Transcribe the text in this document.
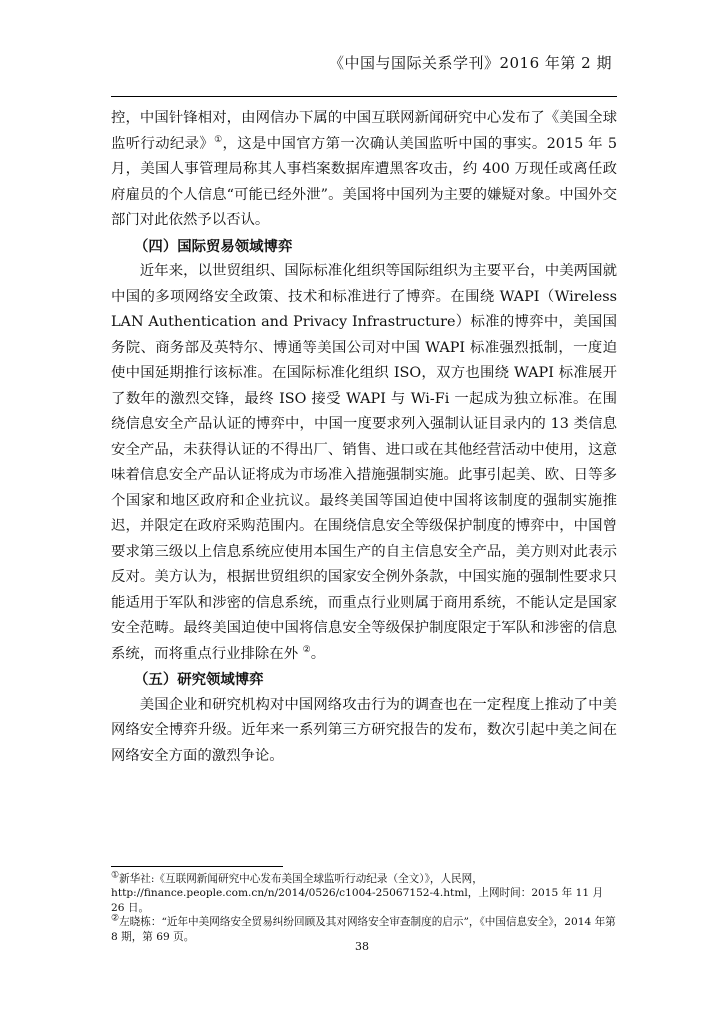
《中国与国际关系学刊》2016 年第 2 期

控，中国针锋相对，由网信办下属的中国互联网新闻研究中心发布了《美国全球监听行动纪录》①，这是中国官方第一次确认美国监听中国的事实。2015 年 5 月，美国人事管理局称其人事档案数据库遭黑客攻击，约 400 万现任或离任政府雇员的个人信息“可能已经外泄”。美国将中国列为主要的嫌疑对象。中国外交部门对此依然予以否认。

（四）国际贸易领域博弈

近年来，以世贸组织、国际标准化组织等国际组织为主要平台，中美两国就中国的多项网络安全政策、技术和标准进行了博弈。在围绕 WAPI（Wireless LAN Authentication and Privacy Infrastructure）标准的博弈中，美国国务院、商务部及英特尔、博通等美国公司对中国 WAPI 标准强烈抵制，一度迫使中国延期推行该标准。在国际标准化组织 ISO，双方也围绕 WAPI 标准展开了数年的激烈交锋，最终 ISO 接受 WAPI 与 Wi-Fi 一起成为独立标准。在围绕信息安全产品认证的博弈中，中国一度要求列入强制认证目录内的 13 类信息安全产品，未获得认证的不得出厂、销售、进口或在其他经营活动中使用，这意味着信息安全产品认证将成为市场准入措施强制实施。此事引起美、欧、日等多个国家和地区政府和企业抗议。最终美国等国迫使中国将该制度的强制实施推迟，并限定在政府采购范围内。在围绕信息安全等级保护制度的博弈中，中国曾要求第三级以上信息系统应使用本国生产的自主信息安全产品，美方则对此表示反对。美方认为，根据世贸组织的国家安全例外条款，中国实施的强制性要求只能适用于军队和涉密的信息系统，而重点行业则属于商用系统，不能认定是国家安全范畴。最终美国迫使中国将信息安全等级保护制度限定于军队和涉密的信息系统，而将重点行业排除在外 ②。

（五）研究领域博弈

美国企业和研究机构对中国网络攻击行为的调查也在一定程度上推动了中美网络安全博弈升级。近年来一系列第三方研究报告的发布，数次引起中美之间在网络安全方面的激烈争论。

①新华社:《互联网新闻研究中心发布美国全球监听行动纪录（全文）》，人民网，http://finance.people.com.cn/n/2014/0526/c1004-25067152-4.html，上网时间：2015 年 11 月 26 日。

②左晓栋：“近年中美网络安全贸易纠纷回顾及其对网络安全审查制度的启示”，《中国信息安全》，2014 年第 8 期，第 69 页。

38
